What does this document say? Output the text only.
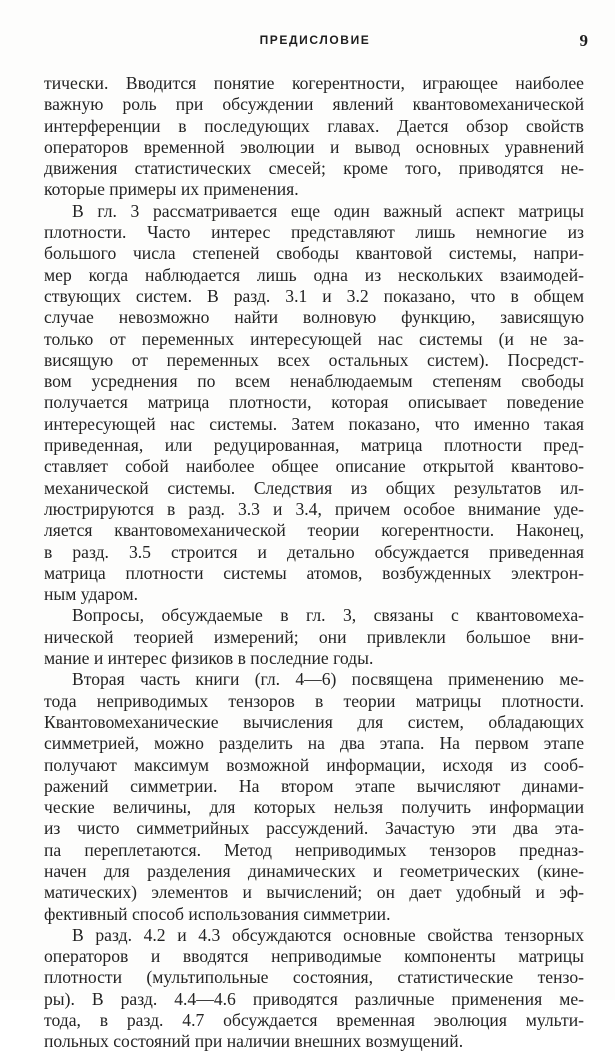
ПРЕДИСЛОВИЕ	9
тически. Вводится понятие когерентности, играющее наиболее
важную роль при обсуждении явлений квантовомеханической
интерференции в последующих главах. Дается обзор свойств
операторов временной эволюции и вывод основных уравнений
движения статистических смесей; кроме того, приводятся не-
которые примеры их применения.
В гл. 3 рассматривается еще один важный аспект матрицы
плотности. Часто интерес представляют лишь немногие из
большого числа степеней свободы квантовой системы, напри-
мер когда наблюдается лишь одна из нескольких взаимодей-
ствующих систем. В разд. 3.1 и 3.2 показано, что в общем
случае невозможно найти волновую функцию, зависящую
только от переменных интересующей нас системы (и не за-
висящую от переменных всех остальных систем). Посредст-
вом усреднения по всем ненаблюдаемым степеням свободы
получается матрица плотности, которая описывает поведение
интересующей нас системы. Затем показано, что именно такая
приведенная, или редуцированная, матрица плотности пред-
ставляет собой наиболее общее описание открытой квантово-
механической системы. Следствия из общих результатов ил-
люстрируются в разд. 3.3 и 3.4, причем особое внимание уде-
ляется квантовомеханической теории когерентности. Наконец,
в разд. 3.5 строится и детально обсуждается приведенная
матрица плотности системы атомов, возбужденных электрон-
ным ударом.
Вопросы, обсуждаемые в гл. 3, связаны с квантовомеха-
нической теорией измерений; они привлекли большое вни-
мание и интерес физиков в последние годы.
Вторая часть книги (гл. 4—6) посвящена применению ме-
тода неприводимых тензоров в теории матрицы плотности.
Квантовомеханические вычисления для систем, обладающих
симметрией, можно разделить на два этапа. На первом этапе
получают максимум возможной информации, исходя из сооб-
ражений симметрии. На втором этапе вычисляют динами-
ческие величины, для которых нельзя получить информации
из чисто симметрийных рассуждений. Зачастую эти два эта-
па переплетаются. Метод неприводимых тензоров предназ-
начен для разделения динамических и геометрических (кине-
матических) элементов и вычислений; он дает удобный и эф-
фективный способ использования симметрии.
В разд. 4.2 и 4.3 обсуждаются основные свойства тензорных
операторов и вводятся неприводимые компоненты матрицы
плотности (мультипольные состояния, статистические тензо-
ры). В разд. 4.4—4.6 приводятся различные применения ме-
тода, в разд. 4.7 обсуждается временная эволюция мульти-
польных состояний при наличии внешних возмущений.
